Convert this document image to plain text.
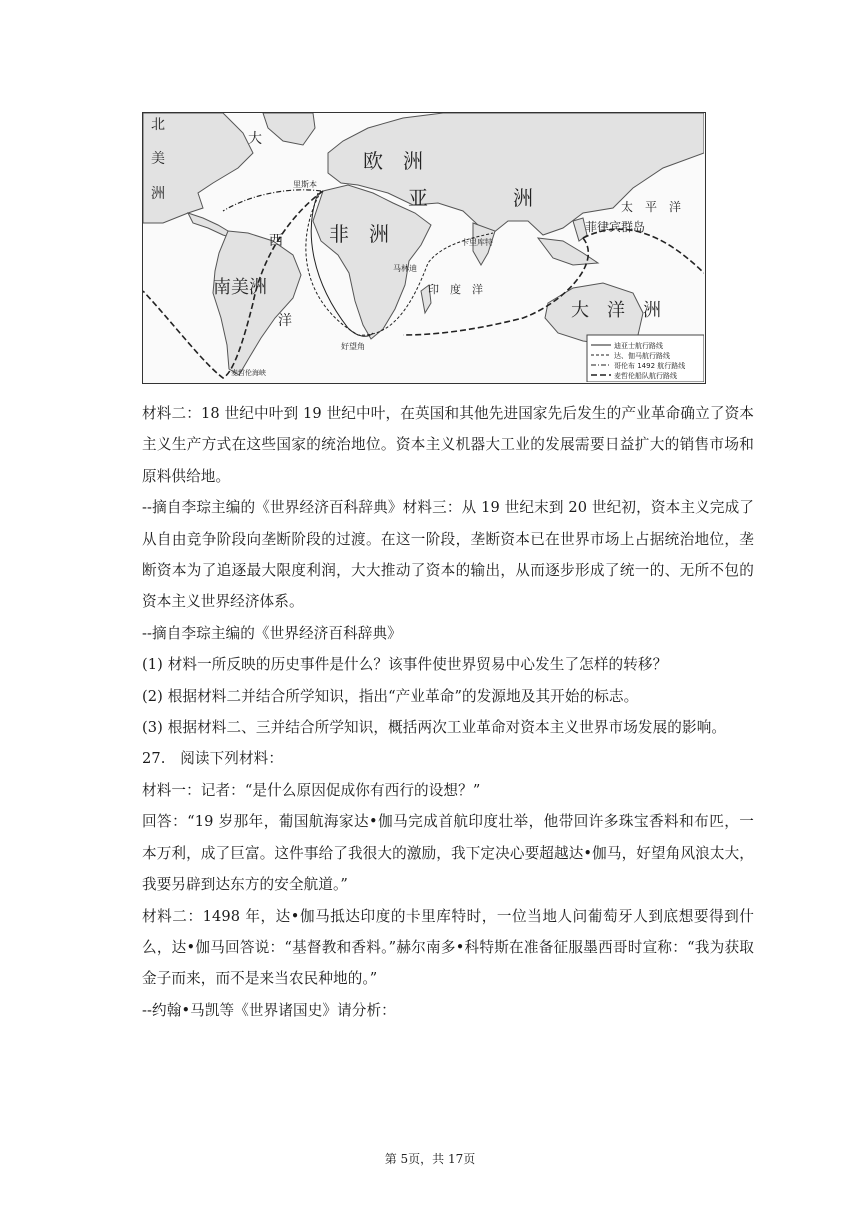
北
美
洲
大
欧　洲
亚	洲	太　平　洋
菲律宾群岛
里斯本
非　洲	卡里库特
马林迪
印　度　洋
西
南美洲
洋
好望角
大　洋　洲
麦哲伦海峡
迪亚士航行路线
达、伽马航行路线
哥伦布 1492 航行路线
麦哲伦船队航行路线

材料二：18 世纪中叶到 19 世纪中叶，在英国和其他先进国家先后发生的产业革命确立了资本主义生产方式在这些国家的统治地位。资本主义机器大工业的发展需要日益扩大的销售市场和原料供给地。

--摘自李琮主编的《世界经济百科辞典》材料三：从 19 世纪末到 20 世纪初，资本主义完成了从自由竞争阶段向垄断阶段的过渡。在这一阶段，垄断资本已在世界市场上占据统治地位，垄断资本为了追逐最大限度利润，大大推动了资本的输出，从而逐步形成了统一的、无所不包的资本主义世界经济体系。

--摘自李琮主编的《世界经济百科辞典》

(1) 材料一所反映的历史事件是什么？该事件使世界贸易中心发生了怎样的转移？

(2) 根据材料二并结合所学知识，指出“产业革命”的发源地及其开始的标志。

(3) 根据材料二、三并结合所学知识，概括两次工业革命对资本主义世界市场发展的影响。

27.　阅读下列材料：

材料一：记者：“是什么原因促成你有西行的设想？”

回答：“19 岁那年，葡国航海家达•伽马完成首航印度壮举，他带回许多珠宝香料和布匹，一本万利，成了巨富。这件事给了我很大的激励，我下定决心要超越达•伽马，好望角风浪太大，我要另辟到达东方的安全航道。”

材料二：1498 年，达•伽马抵达印度的卡里库特时，一位当地人问葡萄牙人到底想要得到什么，达•伽马回答说：“基督教和香料。”赫尔南多•科特斯在准备征服墨西哥时宣称：“我为获取金子而来，而不是来当农民种地的。”

--约翰•马凯等《世界诸国史》请分析：

第 5页，共 17页
